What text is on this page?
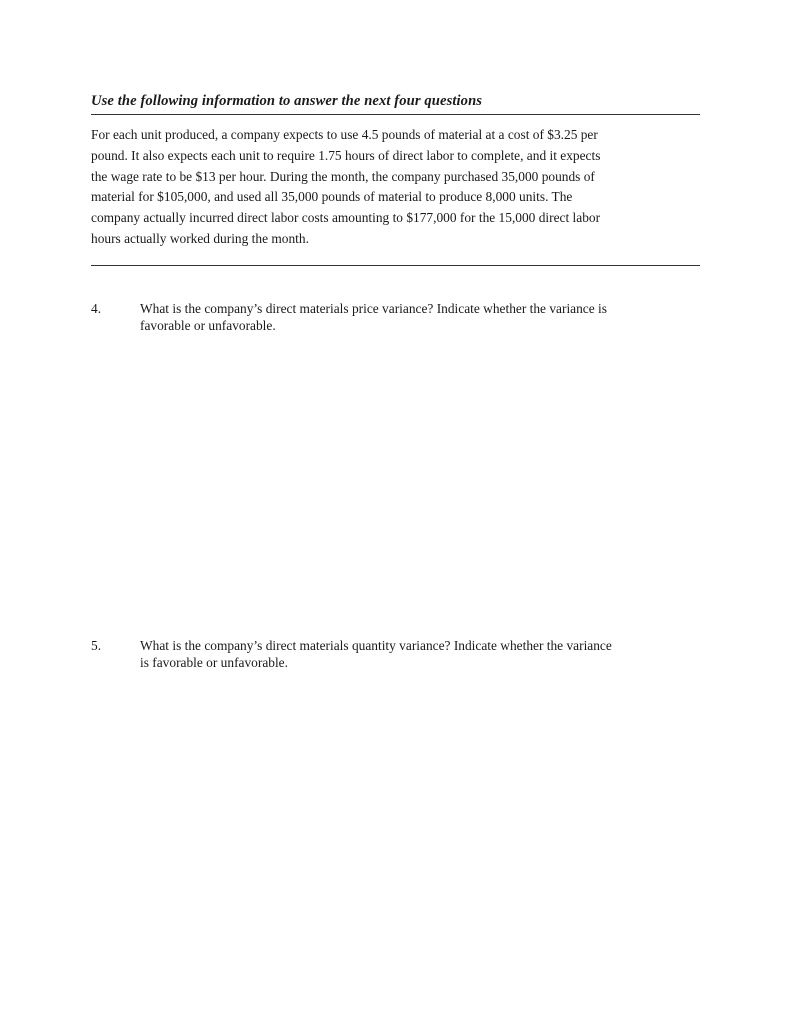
Use the following information to answer the next four questions
For each unit produced, a company expects to use 4.5 pounds of material at a cost of $3.25 per
pound. It also expects each unit to require 1.75 hours of direct labor to complete, and it expects
the wage rate to be $13 per hour. During the month, the company purchased 35,000 pounds of
material for $105,000, and used all 35,000 pounds of material to produce 8,000 units. The
company actually incurred direct labor costs amounting to $177,000 for the 15,000 direct labor
hours actually worked during the month.
4.	What is the company’s direct materials price variance? Indicate whether the variance is
favorable or unfavorable.
5.	What is the company’s direct materials quantity variance? Indicate whether the variance
is favorable or unfavorable.
